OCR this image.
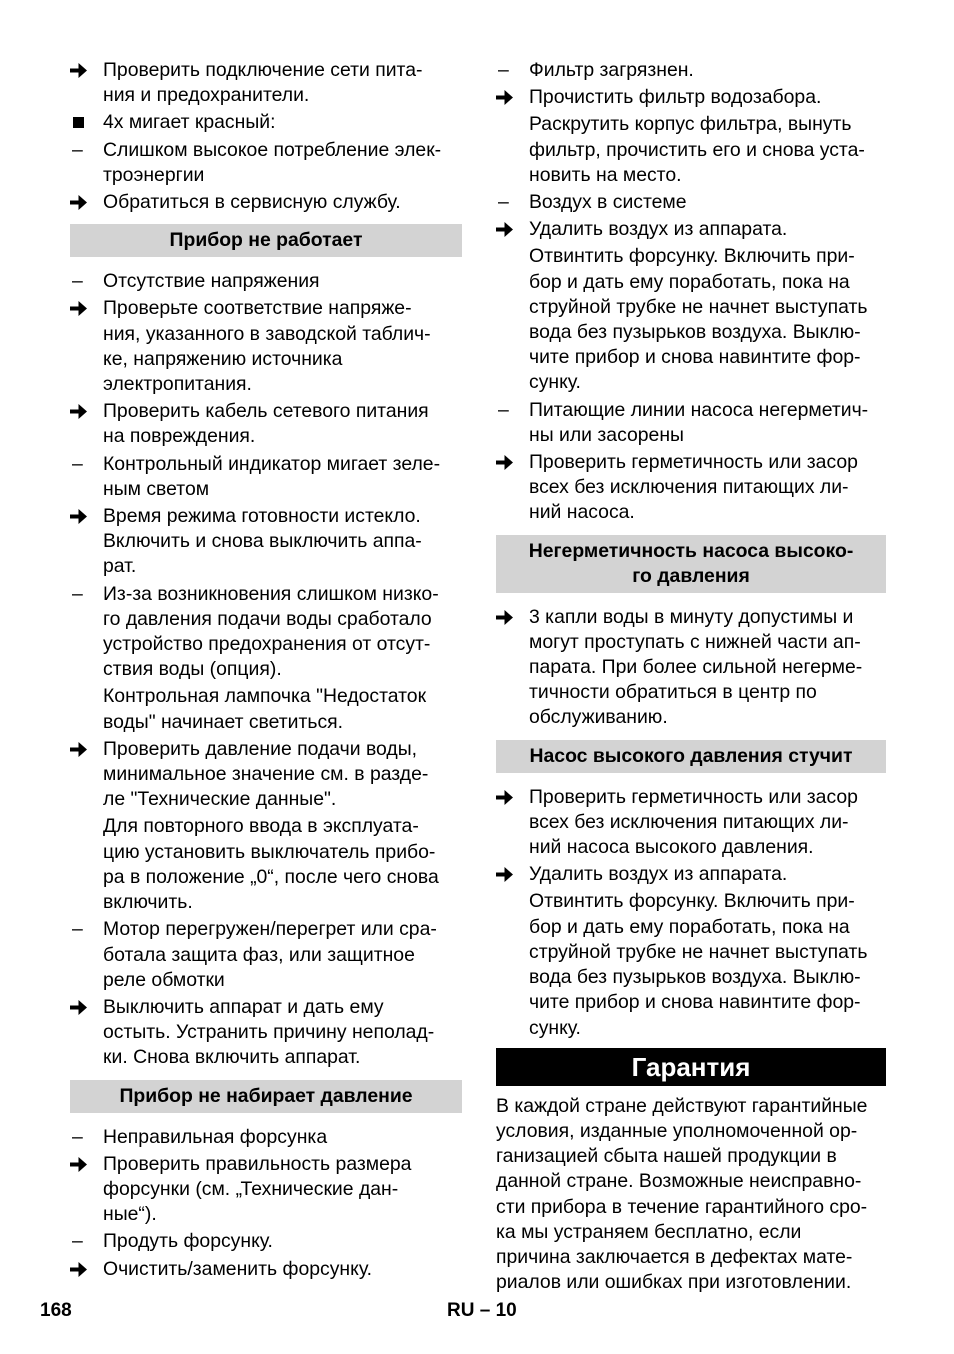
Проверить подключение сети пита-
ния и предохранители.
4x мигает красный:
–	Слишком высокое потребление элек-
троэнергии
Обратиться в сервисную службу.
Прибор не работает
–	Отсутствие напряжения
Проверьте соответствие напряже-
ния, указанного в заводской таблич-
ке, напряжению источника
электропитания.
Проверить кабель сетевого питания
на повреждения.
–	Контрольный индикатор мигает зеле-
ным светом
Время режима готовности истекло.
Включить и снова выключить аппа-
рат.
–	Из-за возникновения слишком низко-
го давления подачи воды сработало
устройство предохранения от отсут-
ствия воды (опция).
Контрольная лампочка "Недостаток
воды" начинает светиться.
Проверить давление подачи воды,
минимальное значение см. в разде-
ле "Технические данные".
Для повторного ввода в эксплуата-
цию установить выключатель прибо-
ра в положение „0“, после чего снова
включить.
–	Мотор перегружен/перегрет или сра-
ботала защита фаз, или защитное
реле обмотки
Выключить аппарат и дать ему
остыть. Устранить причину неполад-
ки. Снова включить аппарат.
Прибор не набирает давление
–	Неправильная форсунка
Проверить правильность размера
форсунки (см. „Технические дан-
ные“).
–	Продуть форсунку.
Очистить/заменить форсунку.
–	Фильтр загрязнен.
Прочистить фильтр водозабора.
Раскрутить корпус фильтра, вынуть
фильтр, прочистить его и снова уста-
новить на место.
–	Воздух в системе
Удалить воздух из аппарата.
Отвинтить форсунку. Включить при-
бор и дать ему поработать, пока на
струйной трубке не начнет выступать
вода без пузырьков воздуха. Выклю-
чите прибор и снова навинтите фор-
сунку.
–	Питающие линии насоса негерметич-
ны или засорены
Проверить герметичность или засор
всех без исключения питающих ли-
ний насоса.
Негерметичность насоса высоко-
го давления
3 капли воды в минуту допустимы и
могут проступать с нижней части ап-
парата. При более сильной негерме-
тичности обратиться в центр по
обслуживанию.
Насос высокого давления стучит
Проверить герметичность или засор
всех без исключения питающих ли-
ний насоса высокого давления.
Удалить воздух из аппарата.
Отвинтить форсунку. Включить при-
бор и дать ему поработать, пока на
струйной трубке не начнет выступать
вода без пузырьков воздуха. Выклю-
чите прибор и снова навинтите фор-
сунку.
Гарантия
В каждой стране действуют гарантийные
условия, изданные уполномоченной ор-
ганизацией сбыта нашей продукции в
данной стране. Возможные неисправно-
сти прибора в течение гарантийного сро-
ка мы устраняем бесплатно, если
причина заключается в дефектах мате-
риалов или ошибках при изготовлении.
168	RU – 10
